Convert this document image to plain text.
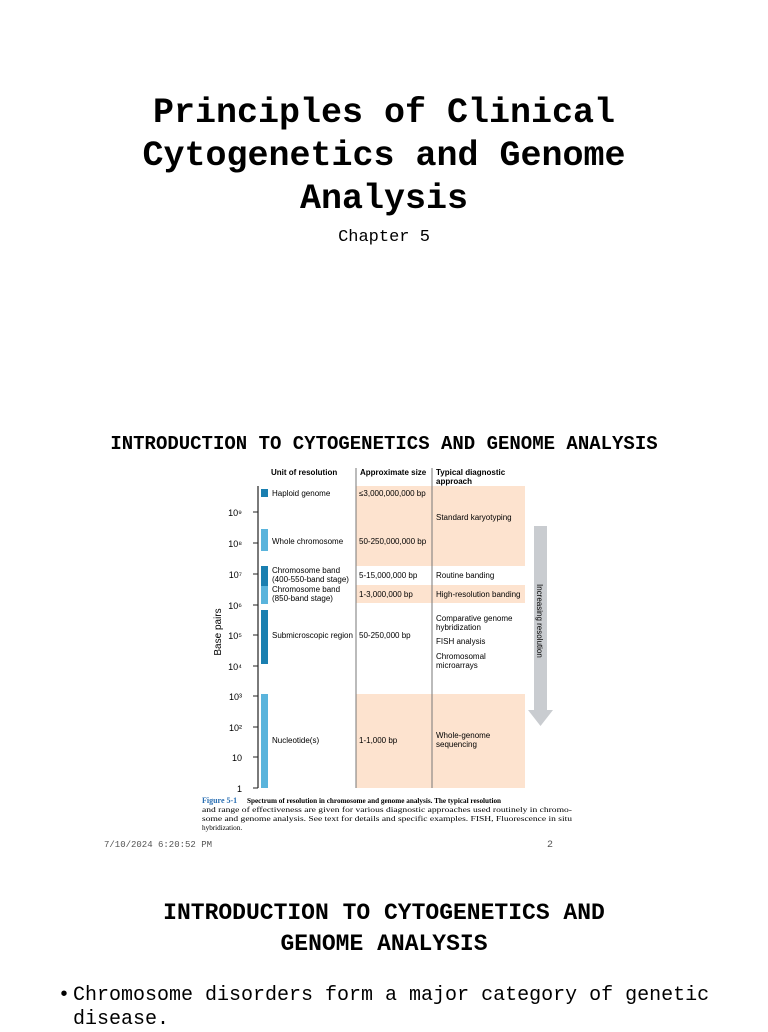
Principles of Clinical
Cytogenetics and Genome
Analysis
Chapter 5
INTRODUCTION TO CYTOGENETICS AND GENOME ANALYSIS
Unit of resolution	Approximate size Typical diagnostic
approach
Base pairs
10⁹
10⁸
10⁷
10⁶
10⁵
10⁴
10³
10²
10
1
Haploid genome
Whole chromosome
Chromosome band
(400-550-band stage)
Chromosome band
(850-band stage)
Submicroscopic region
Nucleotide(s)
≤3,000,000,000 bp
50-250,000,000 bp
5-15,000,000 bp
1-3,000,000 bp
50-250,000 bp
1-1,000 bp
Standard karyotyping
Routine banding
High-resolution banding
Comparative genome
hybridization
FISH analysis
Chromosomal
microarrays
Whole-genome
sequencing
Increasing resolution
Figure 5-1 Spectrum of resolution in chromosome and genome analysis. The typical resolution
and range of effectiveness are given for various diagnostic approaches used routinely in chromo-
some and genome analysis. See text for details and specific examples. FISH, Fluorescence in situ
hybridization.
7/10/2024 6:20:52 PM	2
INTRODUCTION TO CYTOGENETICS AND
GENOME ANALYSIS
• Chromosome disorders form a major category of genetic disease.
